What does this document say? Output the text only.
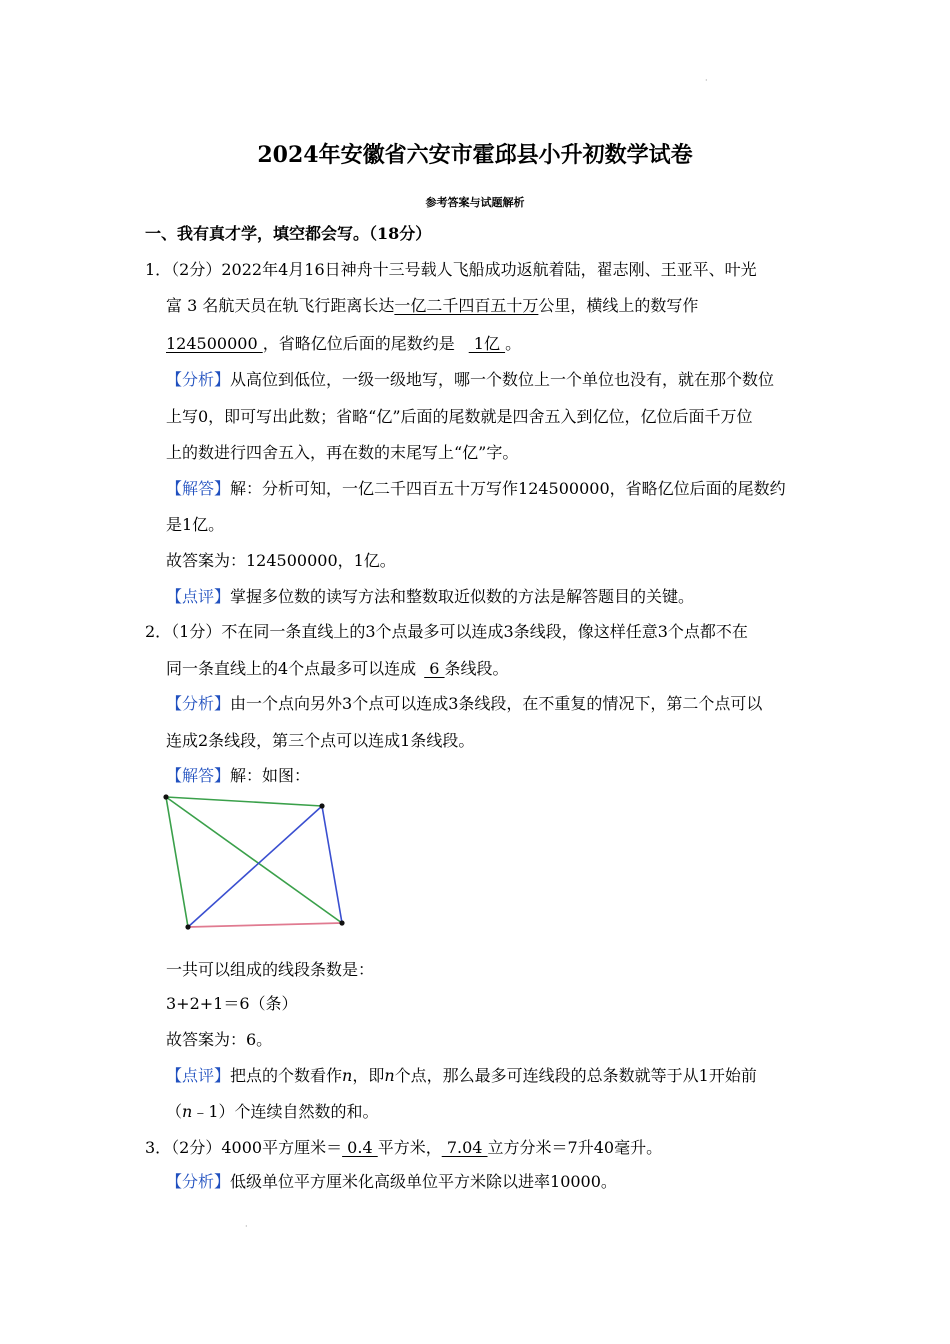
·
2024年安徽省六安市霍邱县小升初数学试卷
参考答案与试题解析
一、我有真才学，填空都会写。（18分）
1．（2分）2022年4月16日神舟十三号载人飞船成功返航着陆，翟志刚、王亚平、叶光
富 3 名航天员在轨飞行距离长达一亿二千四百五十万公里，横线上的数写作
124500000 ，省略亿位后面的尾数约是 1亿 。
【分析】从高位到低位，一级一级地写，哪一个数位上一个单位也没有，就在那个数位
上写0，即可写出此数；省略“亿”后面的尾数就是四舍五入到亿位，亿位后面千万位
上的数进行四舍五入，再在数的末尾写上“亿”字。
【解答】解：分析可知，一亿二千四百五十万写作124500000，省略亿位后面的尾数约
是1亿。
故答案为：124500000，1亿。
【点评】掌握多位数的读写方法和整数取近似数的方法是解答题目的关键。
2．（1分）不在同一条直线上的3个点最多可以连成3条线段，像这样任意3个点都不在
同一条直线上的4个点最多可以连成 6 条线段。
【分析】由一个点向另外3个点可以连成3条线段，在不重复的情况下，第二个点可以
连成2条线段，第三个点可以连成1条线段。
【解答】解：如图：
一共可以组成的线段条数是：
3+2+1＝6（条）
故答案为：6。
【点评】把点的个数看作n，即n个点，那么最多可连线段的总条数就等于从1开始前
（n﹣1）个连续自然数的和。
3．（2分）4000平方厘米＝ 0.4 平方米， 7.04 立方分米＝7升40毫升。
【分析】低级单位平方厘米化高级单位平方米除以进率10000。
·
